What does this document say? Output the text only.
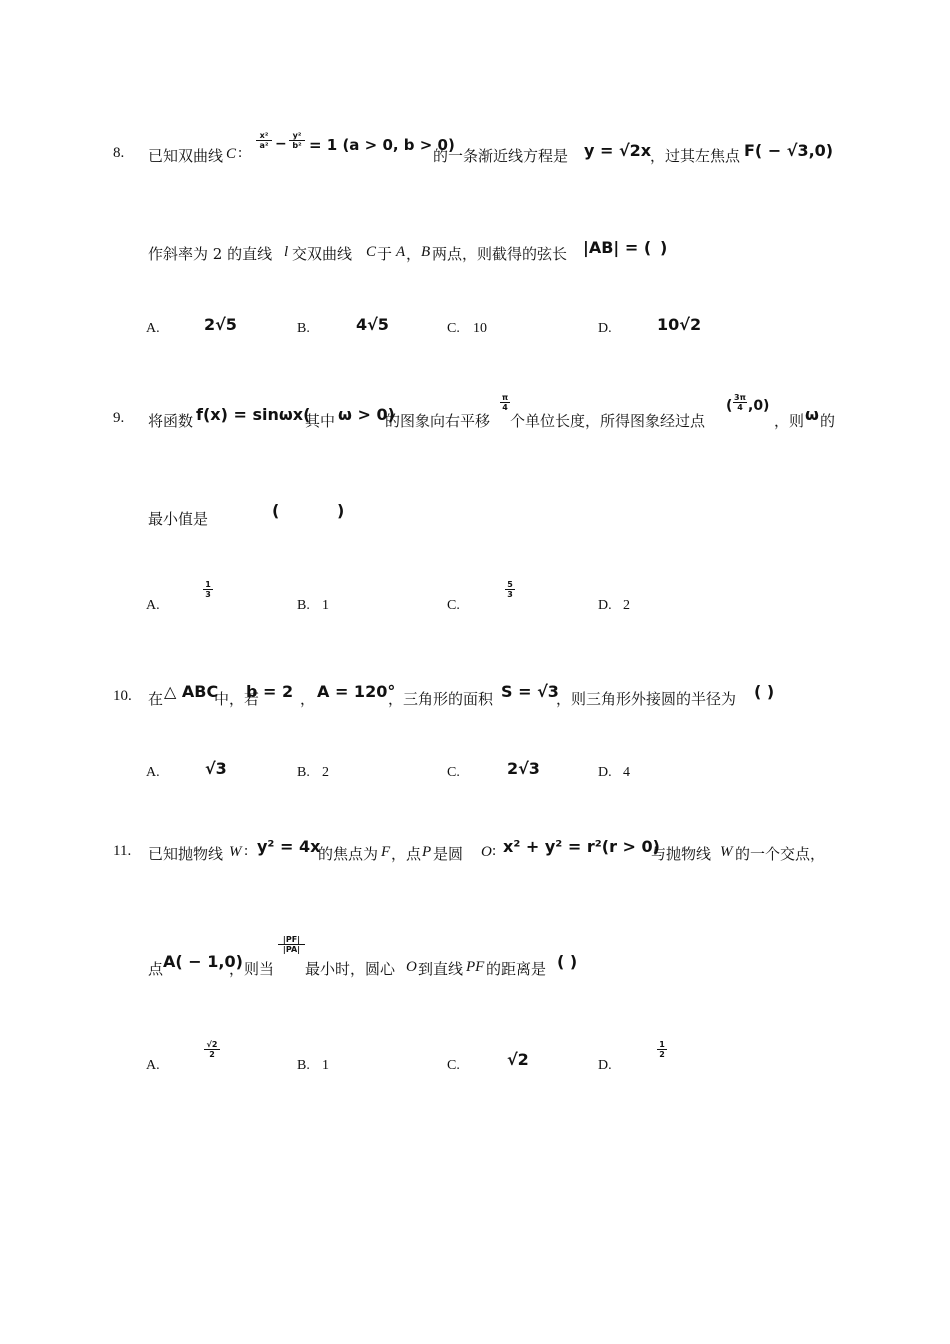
8. 已知双曲线 C :
$\frac{\text{x²}}{\text{a²}} - \frac{\text{y²}}{\text{b²}} = 1$ (a > 0, b > 0)
的一条渐近线方程是 y = √2x
，过其左焦点 F( − √3,0)
作斜率为 2 的直线 l 交双曲线 C 于 A ， B 两点，则截得的弦长 |AB| = ( )
A.	2√5	B.	4√5	C. 10	D.	10√2
9. 将函数 f(x) = sinωx(
其中 ω > 0)
的图象向右平移
$\frac{\pi}{4}$
个单位长度，所得图象经过点
( $\frac{3\pi}{4} ,0$)
，则 ω 的
最小值是	(	)
A.
$\frac{1}{3}$
B. 1	C.
$\frac{5}{3}$
D. 2
10. 在 △ ABC
中，若
b = 2 ， A = 120°
，三角形的面积 S = √3
，则三角形外接圆的半径为 ( )
A.	√3	B. 2	C.	2√3	D. 4
11. 已知抛物线 W : y² = 4x
的焦点为 F ，点 P 是圆 O : x² + y² = r²(r > 0)
与抛物线 W 的一个交点，
点 A( − 1,0)
，则当
$\frac{|PF|}{|PA|}$
最小时，圆心 O 到直线 PF 的距离是 ( )
A.
$\frac{√2}{2}$
B. 1	C.	√2	D.
$\frac{1}{2}$
